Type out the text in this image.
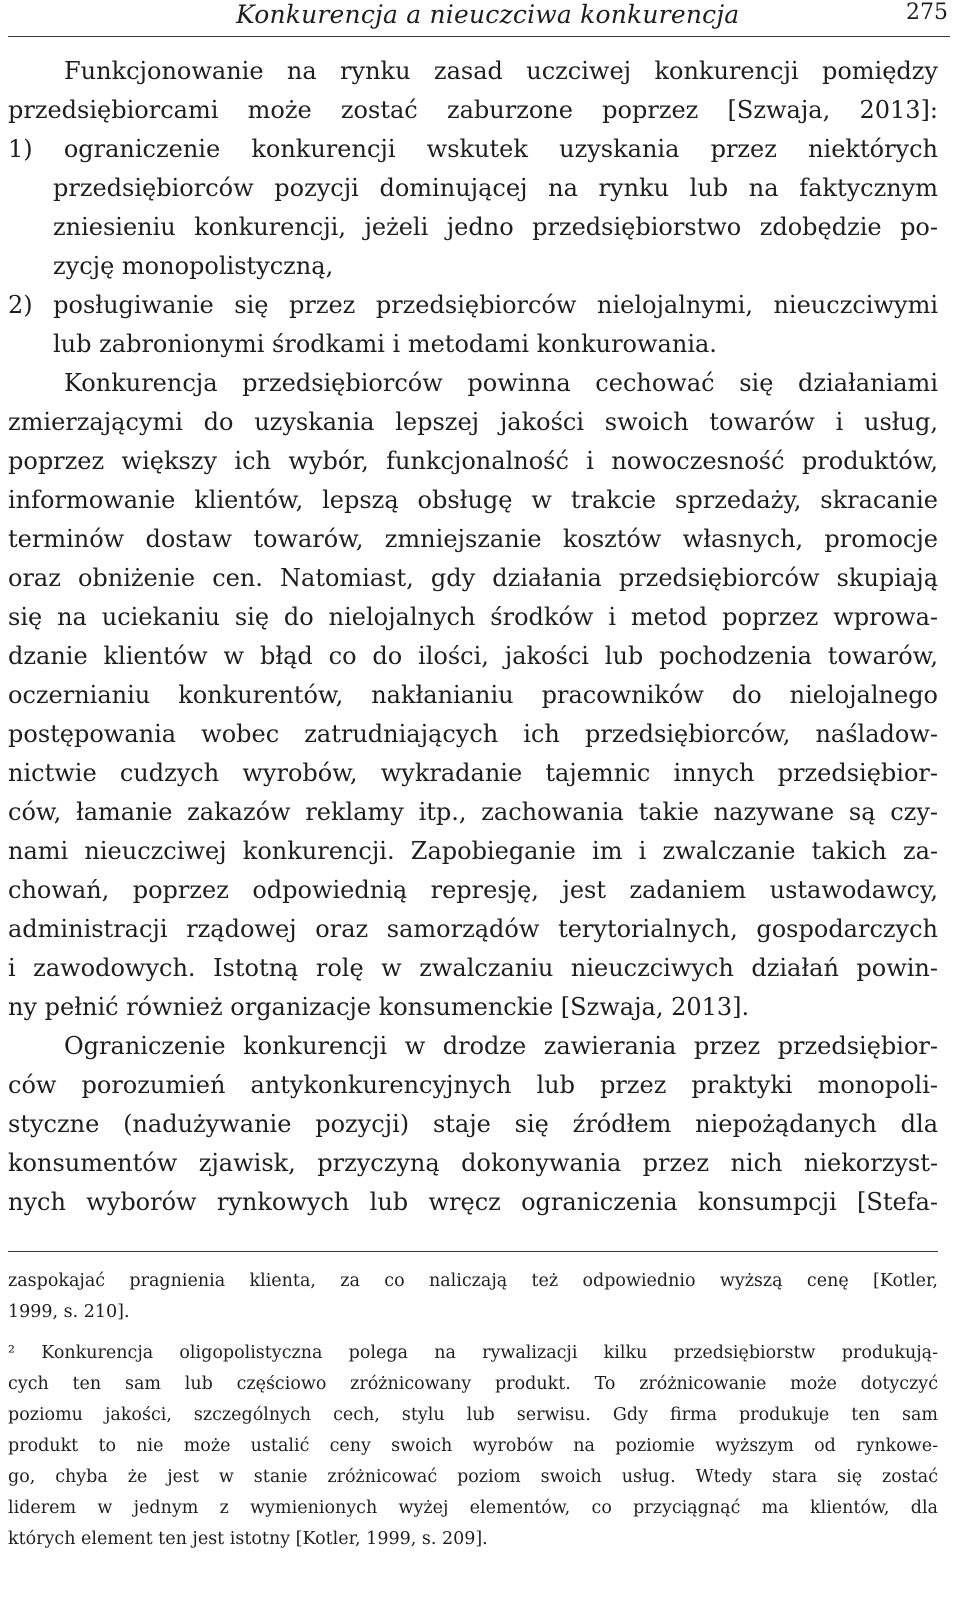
Konkurencja a nieuczciwa konkurencja	275
Funkcjonowanie na rynku zasad uczciwej konkurencji pomiędzy
przedsiębiorcami może zostać zaburzone poprzez [Szwaja, 2013]:
1) ograniczenie konkurencji wskutek uzyskania przez niektórych
przedsiębiorców pozycji dominującej na rynku lub na faktycznym
zniesieniu konkurencji, jeżeli jedno przedsiębiorstwo zdobędzie po-
zycję monopolistyczną,
2) posługiwanie się przez przedsiębiorców nielojalnymi, nieuczciwymi
lub zabronionymi środkami i metodami konkurowania.
Konkurencja przedsiębiorców powinna cechować się działaniami
zmierzającymi do uzyskania lepszej jakości swoich towarów i usług,
poprzez większy ich wybór, funkcjonalność i nowoczesność produktów,
informowanie klientów, lepszą obsługę w trakcie sprzedaży, skracanie
terminów dostaw towarów, zmniejszanie kosztów własnych, promocje
oraz obniżenie cen. Natomiast, gdy działania przedsiębiorców skupiają
się na uciekaniu się do nielojalnych środków i metod poprzez wprowa-
dzanie klientów w błąd co do ilości, jakości lub pochodzenia towarów,
oczernianiu konkurentów, nakłanianiu pracowników do nielojalnego
postępowania wobec zatrudniających ich przedsiębiorców, naśladow-
nictwie cudzych wyrobów, wykradanie tajemnic innych przedsiębior-
ców, łamanie zakazów reklamy itp., zachowania takie nazywane są czy-
nami nieuczciwej konkurencji. Zapobieganie im i zwalczanie takich za-
chowań, poprzez odpowiednią represję, jest zadaniem ustawodawcy,
administracji rządowej oraz samorządów terytorialnych, gospodarczych
i zawodowych. Istotną rolę w zwalczaniu nieuczciwych działań powin-
ny pełnić również organizacje konsumenckie [Szwaja, 2013].
Ograniczenie konkurencji w drodze zawierania przez przedsiębior-
ców porozumień antykonkurencyjnych lub przez praktyki monopoli-
styczne (nadużywanie pozycji) staje się źródłem niepożądanych dla
konsumentów zjawisk, przyczyną dokonywania przez nich niekorzyst-
nych wyborów rynkowych lub wręcz ograniczenia konsumpcji [Stefa-
zaspokajać pragnienia klienta, za co naliczają też odpowiednio wyższą cenę [Kotler,
1999, s. 210].
² Konkurencja oligopolistyczna polega na rywalizacji kilku przedsiębiorstw produkują-
cych ten sam lub częściowo zróżnicowany produkt. To zróżnicowanie może dotyczyć
poziomu jakości, szczególnych cech, stylu lub serwisu. Gdy firma produkuje ten sam
produkt to nie może ustalić ceny swoich wyrobów na poziomie wyższym od rynkowe-
go, chyba że jest w stanie zróżnicować poziom swoich usług. Wtedy stara się zostać
liderem w jednym z wymienionych wyżej elementów, co przyciągnąć ma klientów, dla
których element ten jest istotny [Kotler, 1999, s. 209].
